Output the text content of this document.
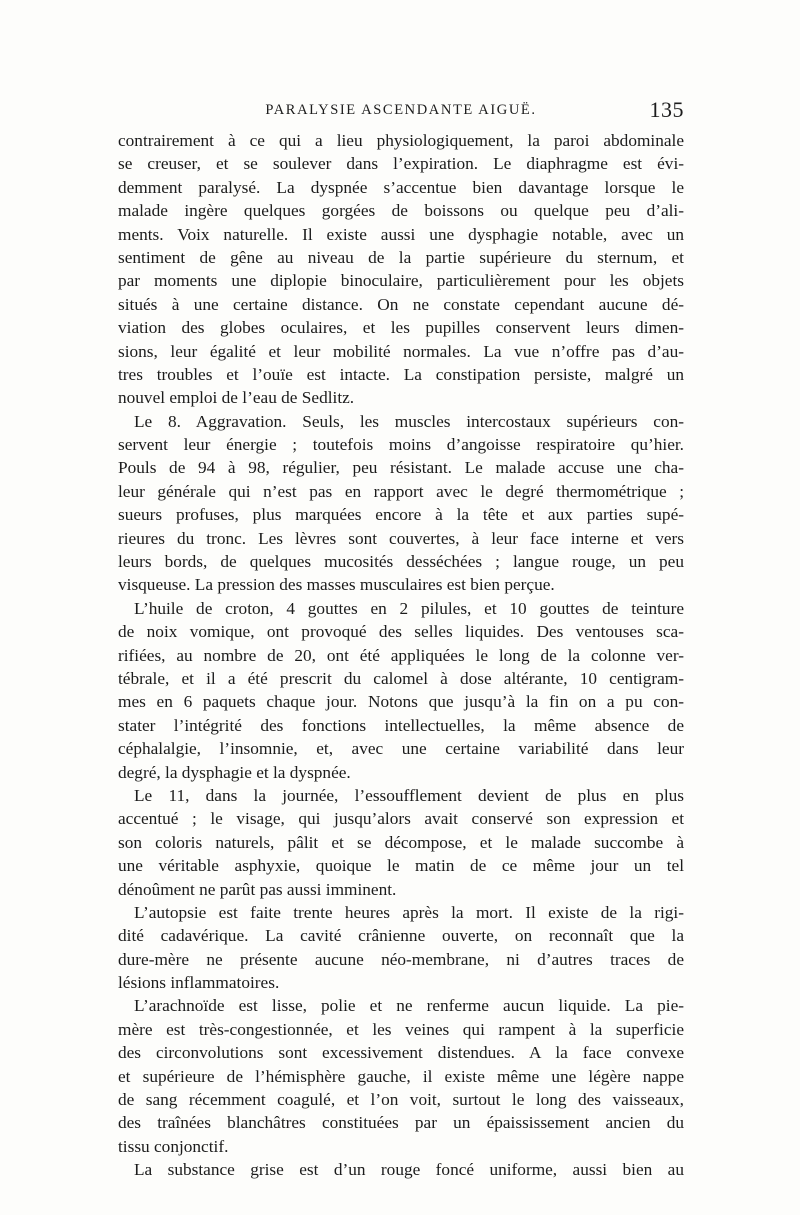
PARALYSIE ASCENDANTE AIGUË.	135
contrairement à ce qui a lieu physiologiquement, la paroi abdominale
se creuser, et se soulever dans l’expiration. Le diaphragme est évi-
demment paralysé. La dyspnée s’accentue bien davantage lorsque le
malade ingère quelques gorgées de boissons ou quelque peu d’ali-
ments. Voix naturelle. Il existe aussi une dysphagie notable, avec un
sentiment de gêne au niveau de la partie supérieure du sternum, et
par moments une diplopie binoculaire, particulièrement pour les objets
situés à une certaine distance. On ne constate cependant aucune dé-
viation des globes oculaires, et les pupilles conservent leurs dimen-
sions, leur égalité et leur mobilité normales. La vue n’offre pas d’au-
tres troubles et l’ouïe est intacte. La constipation persiste, malgré un
nouvel emploi de l’eau de Sedlitz.
Le 8. Aggravation. Seuls, les muscles intercostaux supérieurs con-
servent leur énergie ; toutefois moins d’angoisse respiratoire qu’hier.
Pouls de 94 à 98, régulier, peu résistant. Le malade accuse une cha-
leur générale qui n’est pas en rapport avec le degré thermométrique ;
sueurs profuses, plus marquées encore à la tête et aux parties supé-
rieures du tronc. Les lèvres sont couvertes, à leur face interne et vers
leurs bords, de quelques mucosités desséchées ; langue rouge, un peu
visqueuse. La pression des masses musculaires est bien perçue.
L’huile de croton, 4 gouttes en 2 pilules, et 10 gouttes de teinture
de noix vomique, ont provoqué des selles liquides. Des ventouses sca-
rifiées, au nombre de 20, ont été appliquées le long de la colonne ver-
tébrale, et il a été prescrit du calomel à dose altérante, 10 centigram-
mes en 6 paquets chaque jour. Notons que jusqu’à la fin on a pu con-
stater l’intégrité des fonctions intellectuelles, la même absence de
céphalalgie, l’insomnie, et, avec une certaine variabilité dans leur
degré, la dysphagie et la dyspnée.
Le 11, dans la journée, l’essoufflement devient de plus en plus
accentué ; le visage, qui jusqu’alors avait conservé son expression et
son coloris naturels, pâlit et se décompose, et le malade succombe à
une véritable asphyxie, quoique le matin de ce même jour un tel
dénoûment ne parût pas aussi imminent.
L’autopsie est faite trente heures après la mort. Il existe de la rigi-
dité cadavérique. La cavité crânienne ouverte, on reconnaît que la
dure-mère ne présente aucune néo-membrane, ni d’autres traces de
lésions inflammatoires.
L’arachnoïde est lisse, polie et ne renferme aucun liquide. La pie-
mère est très-congestionnée, et les veines qui rampent à la superficie
des circonvolutions sont excessivement distendues. A la face convexe
et supérieure de l’hémisphère gauche, il existe même une légère nappe
de sang récemment coagulé, et l’on voit, surtout le long des vaisseaux,
des traînées blanchâtres constituées par un épaississement ancien du
tissu conjonctif.
La substance grise est d’un rouge foncé uniforme, aussi bien au
